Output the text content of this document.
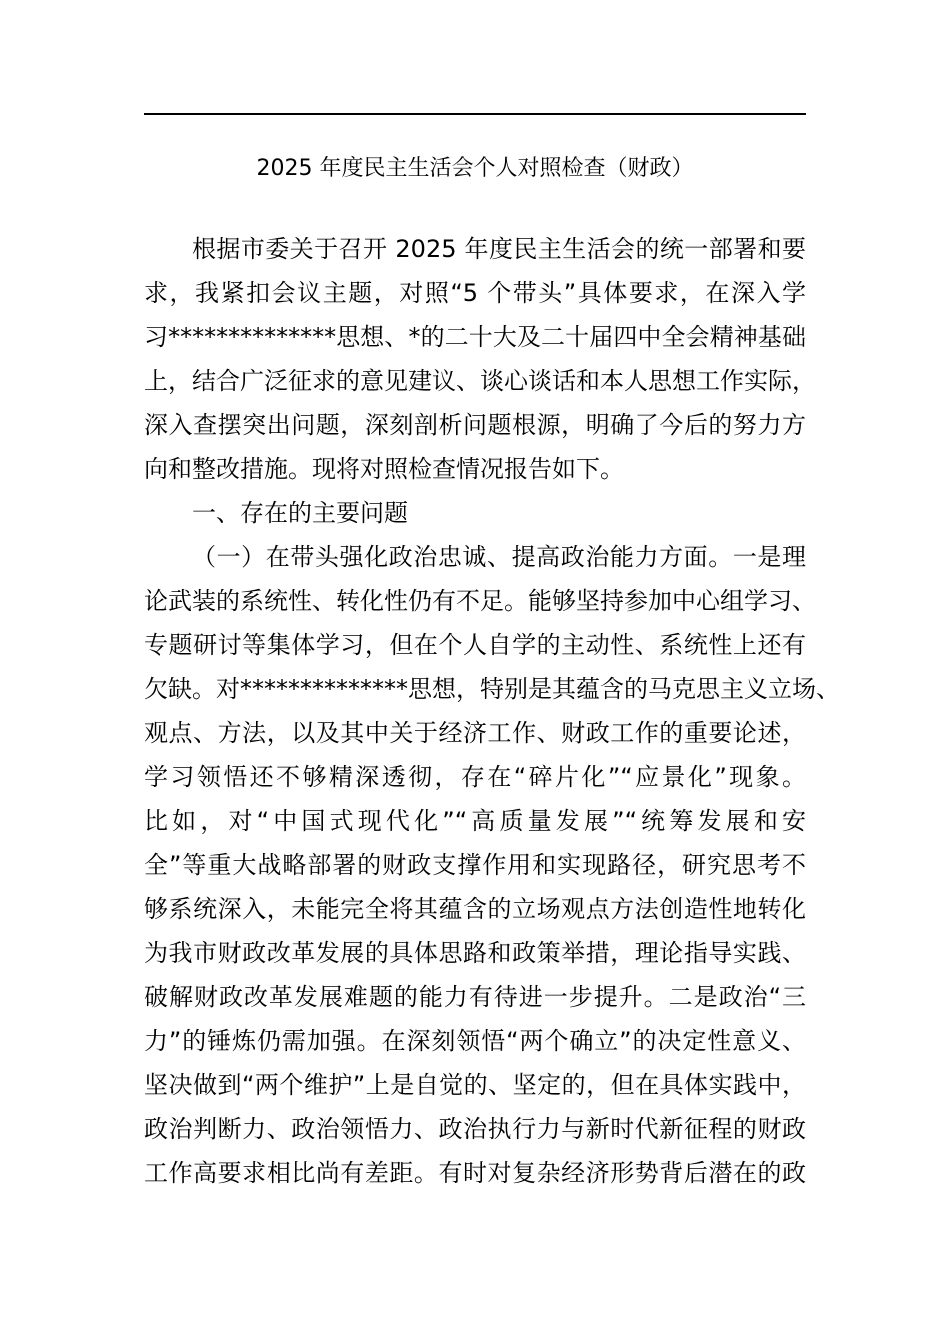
2025 年度民主生活会个人对照检查（财政）
根据市委关于召开 2025 年度民主生活会的统一部署和要
求，我紧扣会议主题，对照“5 个带头”具体要求，在深入学
习**************思想、*的二十大及二十届四中全会精神基础
上，结合广泛征求的意见建议、谈心谈话和本人思想工作实际，
深入查摆突出问题，深刻剖析问题根源，明确了今后的努力方
向和整改措施。现将对照检查情况报告如下。
一、存在的主要问题
（一）在带头强化政治忠诚、提高政治能力方面。一是理
论武装的系统性、转化性仍有不足。能够坚持参加中心组学习、
专题研讨等集体学习，但在个人自学的主动性、系统性上还有
欠缺。对**************思想，特别是其蕴含的马克思主义立场、
观点、方法，以及其中关于经济工作、财政工作的重要论述，
学习领悟还不够精深透彻，存在“碎片化”“应景化”现象。
比如，对“中国式现代化”“高质量发展”“统筹发展和安
全”等重大战略部署的财政支撑作用和实现路径，研究思考不
够系统深入，未能完全将其蕴含的立场观点方法创造性地转化
为我市财政改革发展的具体思路和政策举措，理论指导实践、
破解财政改革发展难题的能力有待进一步提升。二是政治“三
力”的锤炼仍需加强。在深刻领悟“两个确立”的决定性意义、
坚决做到“两个维护”上是自觉的、坚定的，但在具体实践中，
政治判断力、政治领悟力、政治执行力与新时代新征程的财政
工作高要求相比尚有差距。有时对复杂经济形势背后潜在的政
